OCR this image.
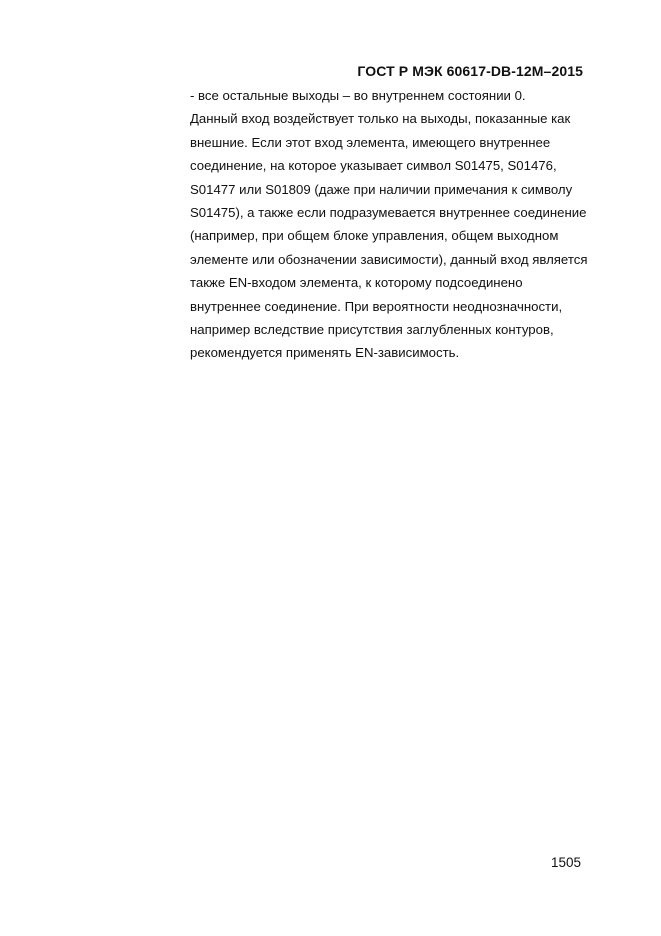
ГОСТ Р МЭК 60617-DB-12M–2015
- все остальные выходы – во внутреннем состоянии 0.
Данный вход воздействует только на выходы, показанные как
внешние. Если этот вход элемента, имеющего внутреннее
соединение, на которое указывает символ S01475, S01476,
S01477 или S01809 (даже при наличии примечания к символу
S01475), а также если подразумевается внутреннее соединение
(например, при общем блоке управления, общем выходном
элементе или обозначении зависимости), данный вход является
также EN-входом элемента, к которому подсоединено
внутреннее соединение. При вероятности неоднозначности,
например вследствие присутствия заглубленных контуров,
рекомендуется применять EN-зависимость.
1505
